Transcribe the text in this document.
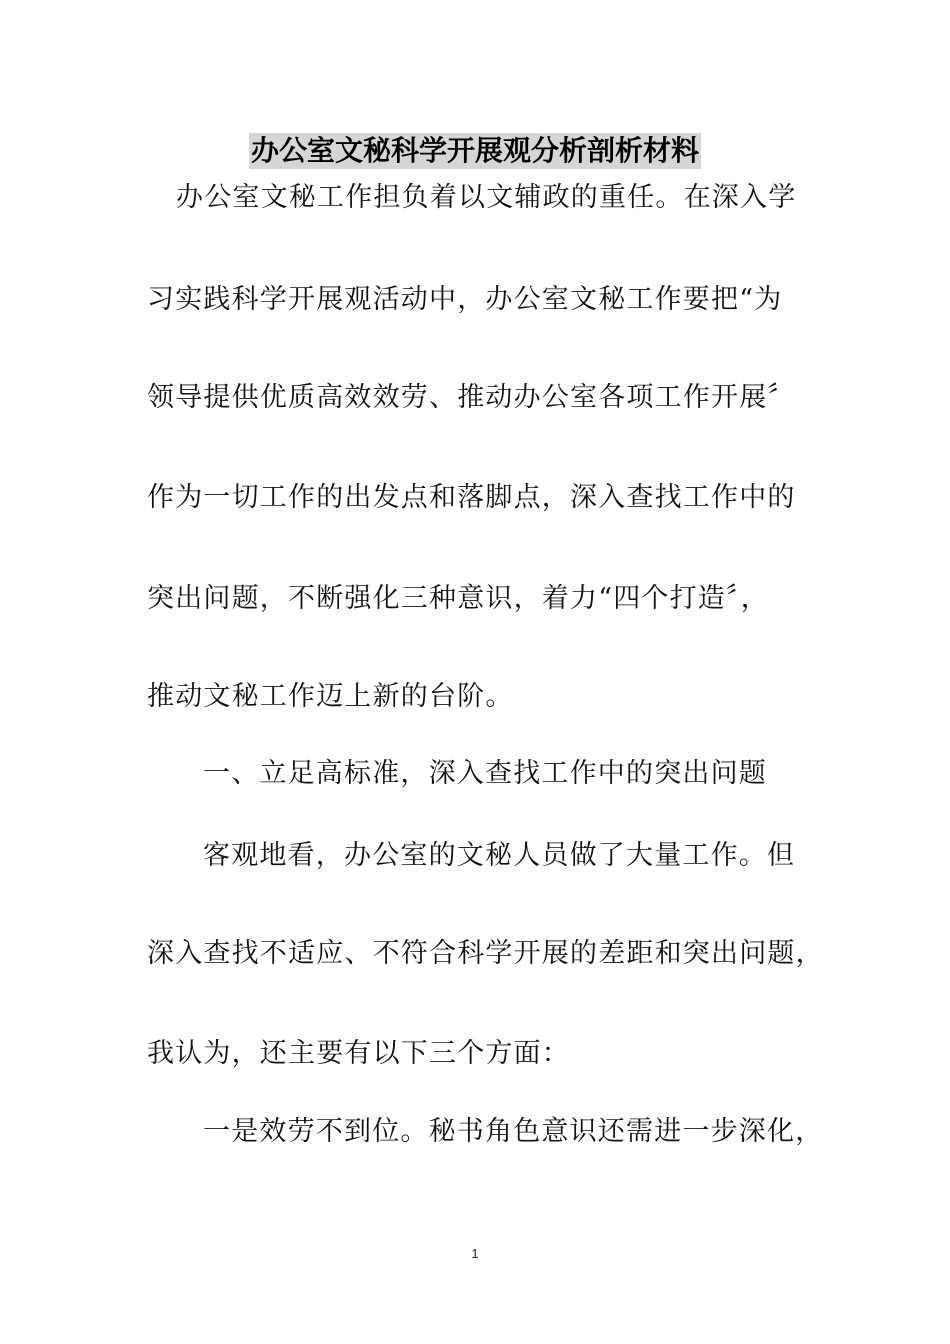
办公室文秘科学开展观分析剖析材料
办公室文秘工作担负着以文辅政的重任。在深入学
习实践科学开展观活动中，办公室文秘工作要把“为
领导提供优质高效效劳、推动办公室各项工作开展〞
作为一切工作的出发点和落脚点，深入查找工作中的
突出问题，不断强化三种意识，着力“四个打造〞，
推动文秘工作迈上新的台阶。
一、立足高标准，深入查找工作中的突出问题
客观地看，办公室的文秘人员做了大量工作。但
深入查找不适应、不符合科学开展的差距和突出问题，
我认为，还主要有以下三个方面：
一是效劳不到位。秘书角色意识还需进一步深化，
1
